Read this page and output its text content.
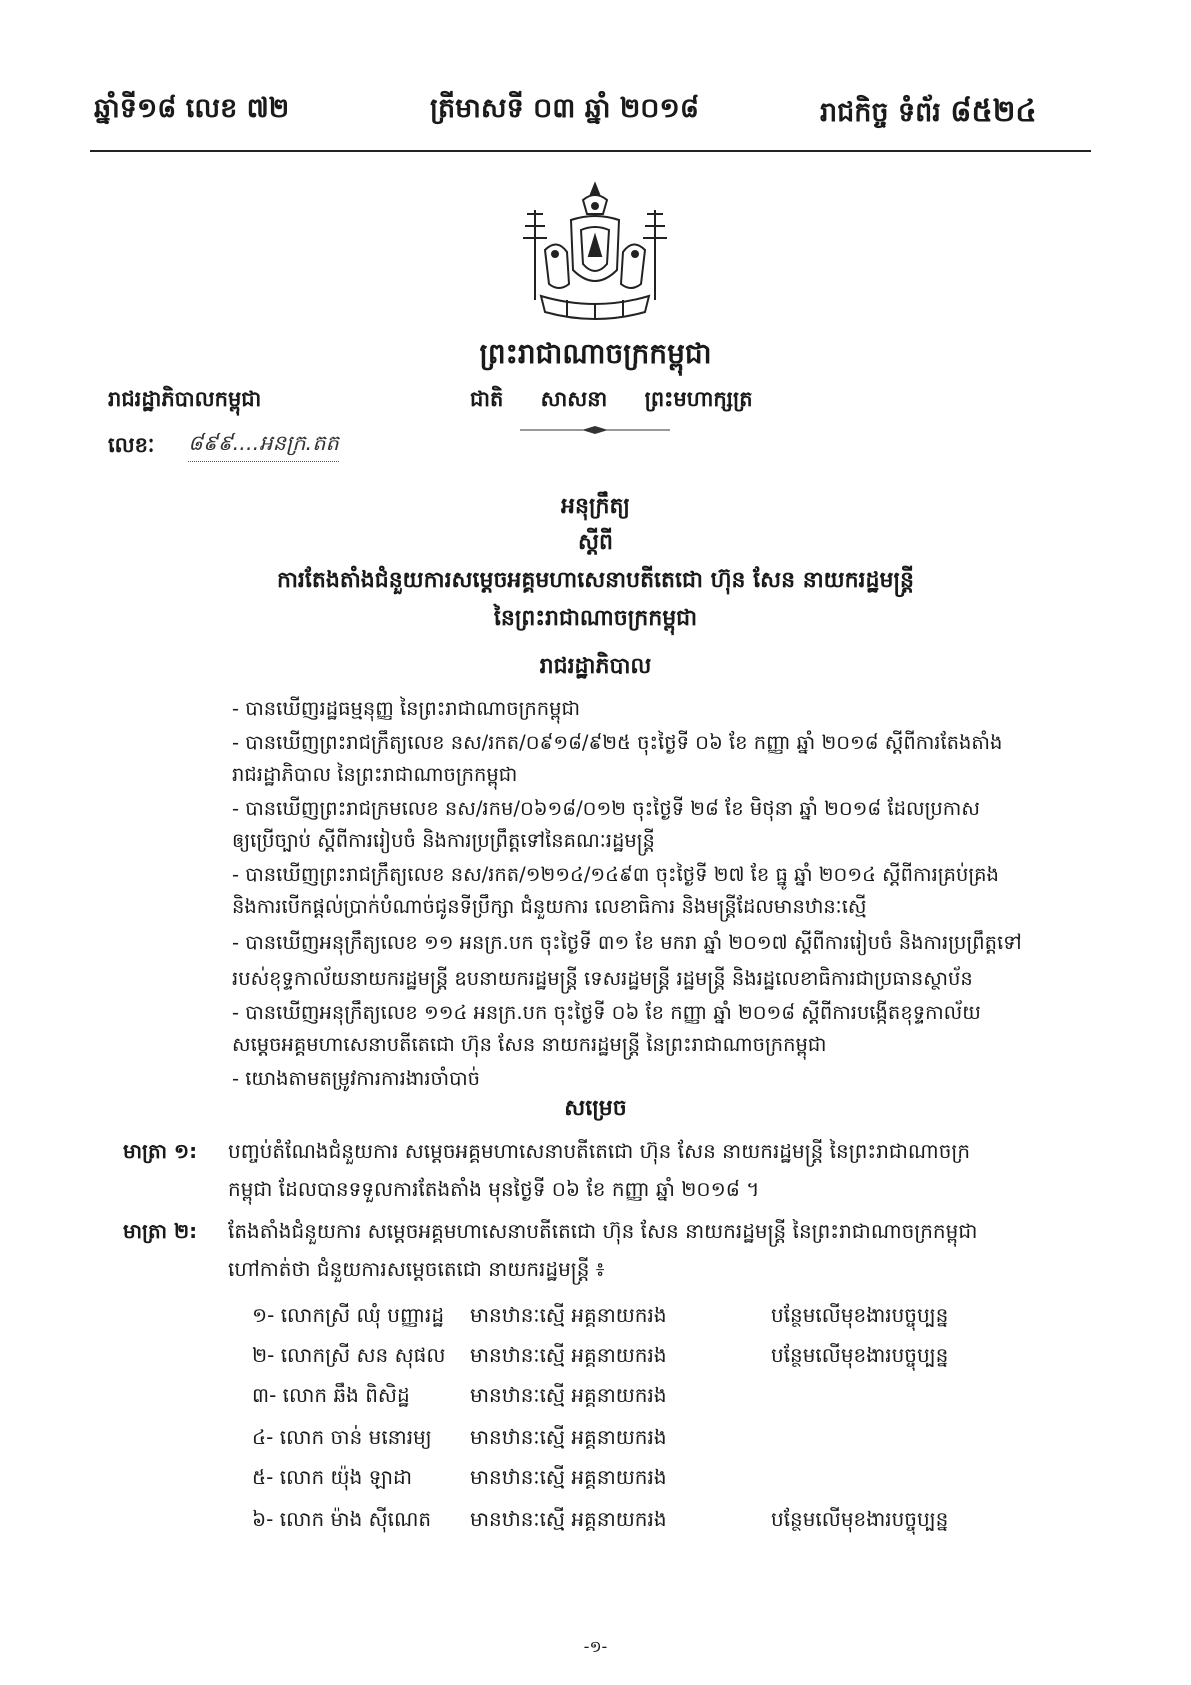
ឆ្នាំទី១៨ លេខ ៧២	ត្រីមាសទី ០៣ ឆ្នាំ ២០១៨	រាជកិច្ច ទំព័រ ៨៥២៤
ព្រះរាជាណាចក្រកម្ពុជា
រាជរដ្ឋាភិបាលកម្ពុជា	ជាតិ សាសនា ព្រះមហាក្សត្រ
លេខៈ ៨៩៩....អនក្រ.តត
អនុក្រឹត្យ
ស្តីពី
ការតែងតាំងជំនួយការសម្តេចអគ្គមហាសេនាបតីតេជោ ហ៊ុន សែន នាយករដ្ឋមន្រ្តី
នៃព្រះរាជាណាចក្រកម្ពុជា
រាជរដ្ឋាភិបាល
- បានឃើញរដ្ឋធម្មនុញ្ញ នៃព្រះរាជាណាចក្រកម្ពុជា
- បានឃើញព្រះរាជក្រឹត្យលេខ នស/រកត/០៩១៨/៩២៥ ចុះថ្ងៃទី ០៦ ខែ កញ្ញា ឆ្នាំ ២០១៨ ស្តីពីការតែងតាំង
រាជរដ្ឋាភិបាល នៃព្រះរាជាណាចក្រកម្ពុជា
- បានឃើញព្រះរាជក្រមលេខ នស/រកម/០៦១៨/០១២ ចុះថ្ងៃទី ២៨ ខែ មិថុនា ឆ្នាំ ២០១៨ ដែលប្រកាស
ឲ្យប្រើច្បាប់ ស្តីពីការរៀបចំ និងការប្រព្រឹត្តទៅនៃគណៈរដ្ឋមន្ត្រី
- បានឃើញព្រះរាជក្រឹត្យលេខ នស/រកត/១២១៤/១៤៩៣ ចុះថ្ងៃទី ២៧ ខែ ធ្នូ ឆ្នាំ ២០១៤ ស្តីពីការគ្រប់គ្រង
និងការបើកផ្តល់ប្រាក់បំណាច់ជូនទីប្រឹក្សា ជំនួយការ លេខាធិការ និងមន្ត្រីដែលមានឋានៈស្មើ
- បានឃើញអនុក្រឹត្យលេខ ១១ អនក្រ.បក ចុះថ្ងៃទី ៣១ ខែ មករា ឆ្នាំ ២០១៧ ស្តីពីការរៀបចំ និងការប្រព្រឹត្តទៅ
របស់ខុទ្ទកាល័យនាយករដ្ឋមន្ត្រី ឧបនាយករដ្ឋមន្ត្រី ទេសរដ្ឋមន្ត្រី រដ្ឋមន្ត្រី និងរដ្ឋលេខាធិការជាប្រធានស្ថាប័ន
- បានឃើញអនុក្រឹត្យលេខ ១១៤ អនក្រ.បក ចុះថ្ងៃទី ០៦ ខែ កញ្ញា ឆ្នាំ ២០១៨ ស្តីពីការបង្កើតខុទ្ទកាល័យ
សម្តេចអគ្គមហាសេនាបតីតេជោ ហ៊ុន សែន នាយករដ្ឋមន្ត្រី នៃព្រះរាជាណាចក្រកម្ពុជា
- យោងតាមតម្រូវការការងារចាំបាច់
សម្រេច
មាត្រា ១: បញ្ចប់តំណែងជំនួយការ សម្តេចអគ្គមហាសេនាបតីតេជោ ហ៊ុន សែន នាយករដ្ឋមន្ត្រី នៃព្រះរាជាណាចក្រ
កម្ពុជា ដែលបានទទួលការតែងតាំង មុនថ្ងៃទី ០៦ ខែ កញ្ញា ឆ្នាំ ២០១៨ ។
មាត្រា ២: តែងតាំងជំនួយការ សម្តេចអគ្គមហាសេនាបតីតេជោ ហ៊ុន សែន នាយករដ្ឋមន្ត្រី នៃព្រះរាជាណាចក្រកម្ពុជា
ហៅកាត់ថា ជំនួយការសម្តេចតេជោ នាយករដ្ឋមន្ត្រី ៖
១- លោកស្រី ឈុំ បញ្ញារដ្ឋ មានឋានៈស្មើ អគ្គនាយករង	បន្ថែមលើមុខងារបច្ចុប្បន្ន
២- លោកស្រី សន សុផល មានឋានៈស្មើ អគ្គនាយករង	បន្ថែមលើមុខងារបច្ចុប្បន្ន
៣- លោក ឆឹង ពិសិដ្ឋ	មានឋានៈស្មើ អគ្គនាយករង
៤- លោក ចាន់ មនោរម្យ មានឋានៈស្មើ អគ្គនាយករង
៥- លោក យ៉ុង ឡាដា	មានឋានៈស្មើ អគ្គនាយករង
៦- លោក ម៉ាង ស៊ីណេត មានឋានៈស្មើ អគ្គនាយករង	បន្ថែមលើមុខងារបច្ចុប្បន្ន
-១-
